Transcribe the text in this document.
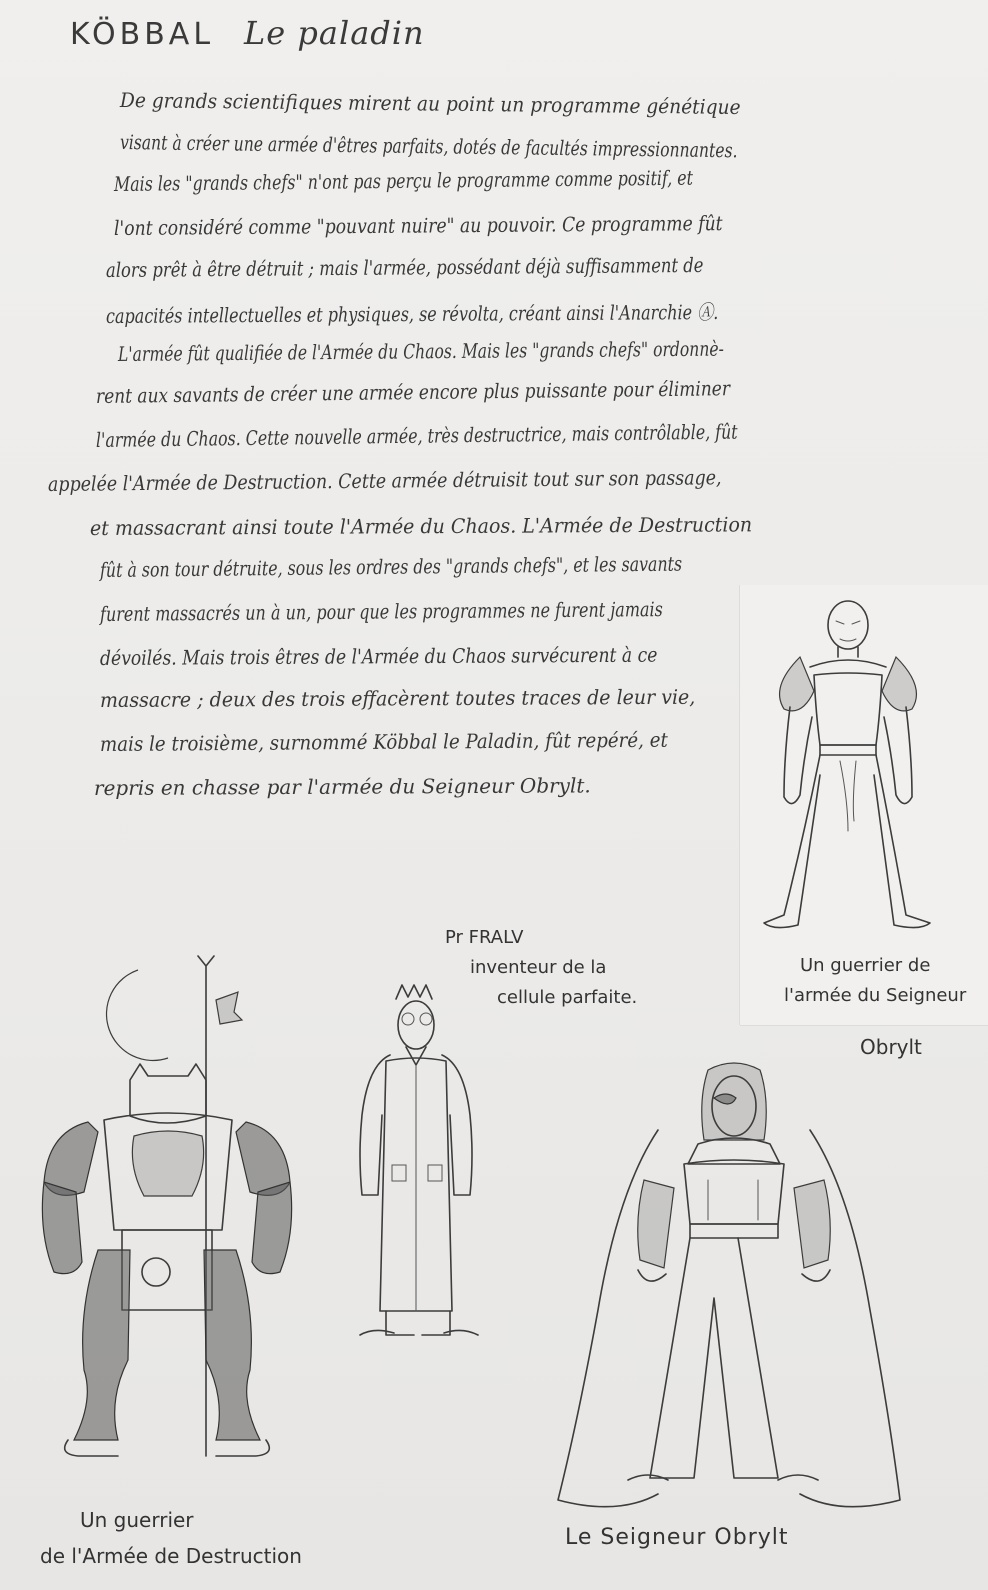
KÖBBAL Le paladin
De grands scientifiques mirent au point un programme génétique
visant à créer une armée d'êtres parfaits, dotés de facultés impressionnantes.
Mais les "grands chefs" n'ont pas perçu le programme comme positif, et
l'ont considéré comme "pouvant nuire" au pouvoir. Ce programme fût
alors prêt à être détruit ; mais l'armée, possédant déjà suffisamment de
capacités intellectuelles et physiques, se révolta, créant ainsi l'Anarchie Ⓐ.
L'armée fût qualifiée de l'Armée du Chaos. Mais les "grands chefs" ordonnè-
rent aux savants de créer une armée encore plus puissante pour éliminer
l'armée du Chaos. Cette nouvelle armée, très destructrice, mais contrôlable, fût
appelée l'Armée de Destruction. Cette armée détruisit tout sur son passage,
et massacrant ainsi toute l'Armée du Chaos. L'Armée de Destruction
fût à son tour détruite, sous les ordres des "grands chefs", et les savants
furent massacrés un à un, pour que les programmes ne furent jamais
dévoilés. Mais trois êtres de l'Armée du Chaos survécurent à ce
massacre ; deux des trois effacèrent toutes traces de leur vie,
mais le troisième, surnommé Köbbal le Paladin, fût repéré, et
repris en chasse par l'armée du Seigneur Obrylt.
Un guerrier de
l'armée du Seigneur
Obrylt
Pr FRALV
inventeur de la
cellule parfaite.
Un guerrier
de l'Armée de Destruction
Le Seigneur Obrylt
